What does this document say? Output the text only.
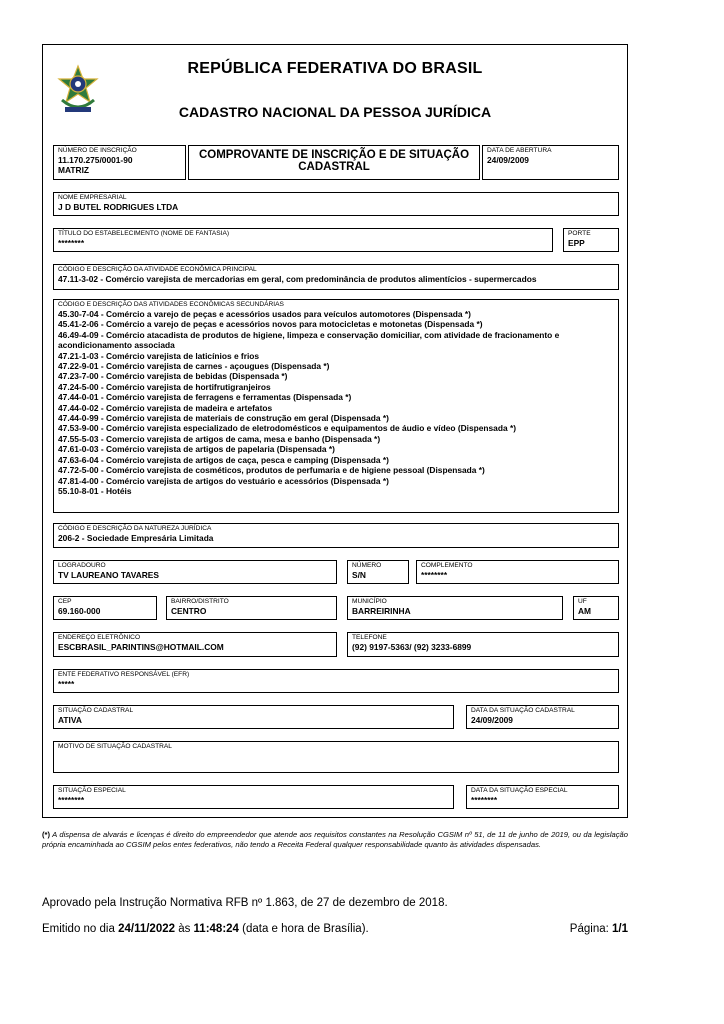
REPÚBLICA FEDERATIVA DO BRASIL
CADASTRO NACIONAL DA PESSOA JURÍDICA
NÚMERO DE INSCRIÇÃO
11.170.275/0001-90
MATRIZ
COMPROVANTE DE INSCRIÇÃO E DE SITUAÇÃO CADASTRAL
DATA DE ABERTURA
24/09/2009
NOME EMPRESARIAL
J D BUTEL RODRIGUES LTDA
TÍTULO DO ESTABELECIMENTO (NOME DE FANTASIA)
********
PORTE
EPP
CÓDIGO E DESCRIÇÃO DA ATIVIDADE ECONÔMICA PRINCIPAL
47.11-3-02 - Comércio varejista de mercadorias em geral, com predominância de produtos alimentícios - supermercados
CÓDIGO E DESCRIÇÃO DAS ATIVIDADES ECONÔMICAS SECUNDÁRIAS
45.30-7-04 - Comércio a varejo de peças e acessórios usados para veículos automotores (Dispensada *)
45.41-2-06 - Comércio a varejo de peças e acessórios novos para motocicletas e motonetas (Dispensada *)
46.49-4-09 - Comércio atacadista de produtos de higiene, limpeza e conservação domiciliar, com atividade de fracionamento e acondicionamento associada
47.21-1-03 - Comércio varejista de laticínios e frios
47.22-9-01 - Comércio varejista de carnes - açougues (Dispensada *)
47.23-7-00 - Comércio varejista de bebidas (Dispensada *)
47.24-5-00 - Comércio varejista de hortifrutigranjeiros
47.44-0-01 - Comércio varejista de ferragens e ferramentas (Dispensada *)
47.44-0-02 - Comércio varejista de madeira e artefatos
47.44-0-99 - Comércio varejista de materiais de construção em geral (Dispensada *)
47.53-9-00 - Comércio varejista especializado de eletrodomésticos e equipamentos de áudio e vídeo (Dispensada *)
47.55-5-03 - Comercio varejista de artigos de cama, mesa e banho (Dispensada *)
47.61-0-03 - Comércio varejista de artigos de papelaria (Dispensada *)
47.63-6-04 - Comércio varejista de artigos de caça, pesca e camping (Dispensada *)
47.72-5-00 - Comércio varejista de cosméticos, produtos de perfumaria e de higiene pessoal (Dispensada *)
47.81-4-00 - Comércio varejista de artigos do vestuário e acessórios (Dispensada *)
55.10-8-01 - Hotéis
CÓDIGO E DESCRIÇÃO DA NATUREZA JURÍDICA
206-2 - Sociedade Empresária Limitada
LOGRADOURO
TV LAUREANO TAVARES
NÚMERO
S/N
COMPLEMENTO
********
CEP
69.160-000
BAIRRO/DISTRITO
CENTRO
MUNICÍPIO
BARREIRINHA
UF
AM
ENDEREÇO ELETRÔNICO
ESCBRASIL_PARINTINS@HOTMAIL.COM
TELEFONE
(92) 9197-5363/ (92) 3233-6899
ENTE FEDERATIVO RESPONSÁVEL (EFR)
*****
SITUAÇÃO CADASTRAL
ATIVA
DATA DA SITUAÇÃO CADASTRAL
24/09/2009
MOTIVO DE SITUAÇÃO CADASTRAL
SITUAÇÃO ESPECIAL
********
DATA DA SITUAÇÃO ESPECIAL
********
(*) A dispensa de alvarás e licenças é direito do empreendedor que atende aos requisitos constantes na Resolução CGSIM nº 51, de 11 de junho de 2019, ou da legislação própria encaminhada ao CGSIM pelos entes federativos, não tendo a Receita Federal qualquer responsabilidade quanto às atividades dispensadas.
Aprovado pela Instrução Normativa RFB nº 1.863, de 27 de dezembro de 2018.
Emitido no dia 24/11/2022 às 11:48:24 (data e hora de Brasília).	Página: 1/1
